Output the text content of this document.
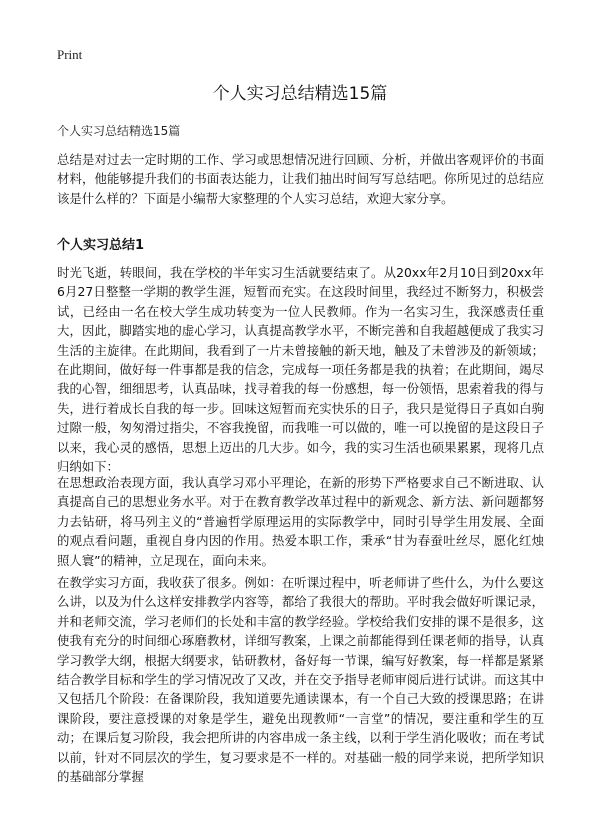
Print
个人实习总结精选15篇
个人实习总结精选15篇
总结是对过去一定时期的工作、学习或思想情况进行回顾、分析，并做出客观评价的书面材料，他能够提升我们的书面表达能力，让我们抽出时间写写总结吧。你所见过的总结应该是什么样的？下面是小编帮大家整理的个人实习总结，欢迎大家分享。
个人实习总结1
时光飞逝，转眼间，我在学校的半年实习生活就要结束了。从20xx年2月10日到20xx年6月27日整整一学期的教学生涯，短暂而充实。在这段时间里，我经过不断努力，积极尝试，已经由一名在校大学生成功转变为一位人民教师。作为一名实习生，我深感责任重大，因此，脚踏实地的虚心学习，认真提高教学水平，不断完善和自我超越便成了我实习生活的主旋律。在此期间，我看到了一片未曾接触的新天地，触及了未曾涉及的新领域；在此期间，做好每一件事都是我的信念，完成每一项任务都是我的执着；在此期间，竭尽我的心智，细细思考，认真品味，找寻着我的每一份感想，每一份领悟，思索着我的得与失，进行着成长自我的每一步。回味这短暂而充实快乐的日子，我只是觉得日子真如白驹过隙一般，匆匆滑过指尖，不容我挽留，而我唯一可以做的，唯一可以挽留的是这段日子以来，我心灵的感悟，思想上迈出的几大步。如今，我的实习生活也硕果累累，现将几点归纳如下：
在思想政治表现方面，我认真学习邓小平理论，在新的形势下严格要求自己不断进取、认真提高自己的思想业务水平。对于在教育教学改革过程中的新观念、新方法、新问题都努力去钻研，将马列主义的“普遍哲学原理运用的实际教学中，同时引导学生用发展、全面的观点看问题，重视自身内因的作用。热爱本职工作，秉承“甘为春蚕吐丝尽，愿化红烛照人寰”的精神，立足现在，面向未来。
在教学实习方面，我收获了很多。例如：在听课过程中，听老师讲了些什么，为什么要这么讲，以及为什么这样安排教学内容等，都给了我很大的帮助。平时我会做好听课记录，并和老师交流，学习老师们的长处和丰富的教学经验。学校给我们安排的课不是很多，这使我有充分的时间细心琢磨教材，详细写教案，上课之前都能得到任课老师的指导，认真学习教学大纲，根据大纲要求，钻研教材，备好每一节课，编写好教案，每一样都是紧紧结合教学目标和学生的学习情况改了又改，并在交予指导老师审阅后进行试讲。而这其中又包括几个阶段：在备课阶段，我知道要先通读课本，有一个自己大致的授课思路；在讲课阶段，要注意授课的对象是学生，避免出现教师“一言堂”的情况，要注重和学生的互动；在课后复习阶段，我会把所讲的内容串成一条主线，以利于学生消化吸收；而在考试以前，针对不同层次的学生，复习要求是不一样的。对基础一般的同学来说，把所学知识的基础部分掌握
